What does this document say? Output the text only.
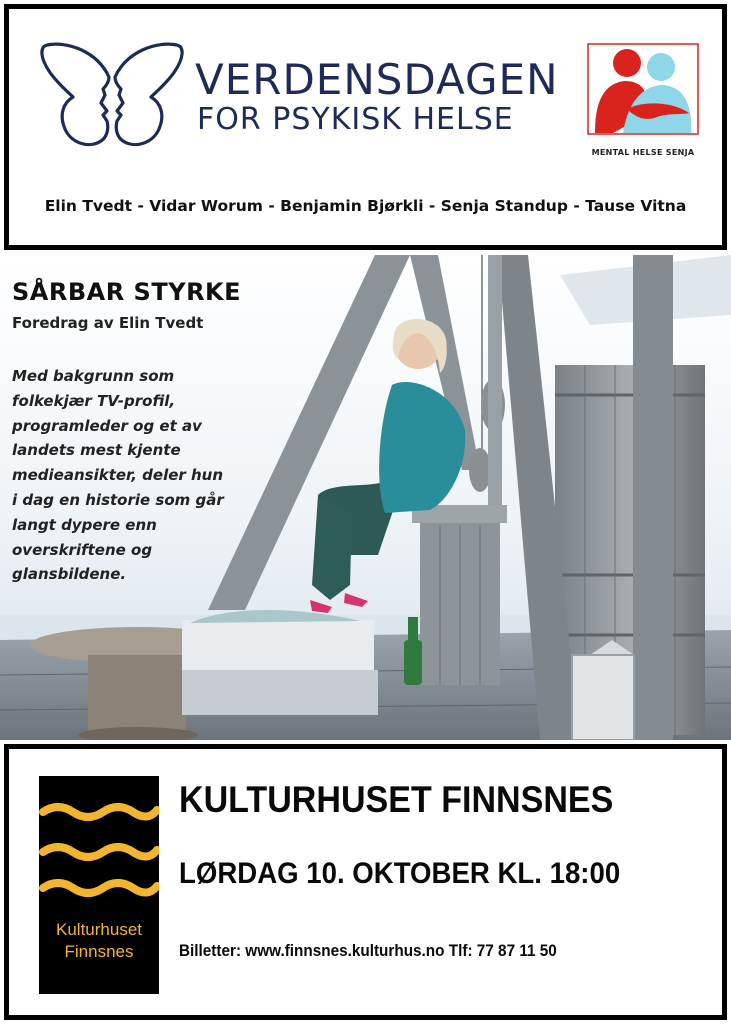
VERDENSDAGEN
FOR PSYKISK HELSE
MENTAL HELSE SENJA
Elin Tvedt - Vidar Worum - Benjamin Bjørkli - Senja Standup - Tause Vitna
SÅRBAR STYRKE
Foredrag av Elin Tvedt

Med bakgrunn som
folkekjær TV-profil,
programleder og et av
landets mest kjente
medieansikter, deler hun
i dag en historie som går
langt dypere enn
overskriftene og
glansbildene.

Kulturhuset
Finnsnes
KULTURHUSET FINNSNES
LØRDAG 10. OKTOBER KL. 18:00
Billetter: www.finnsnes.kulturhus.no Tlf: 77 87 11 50
